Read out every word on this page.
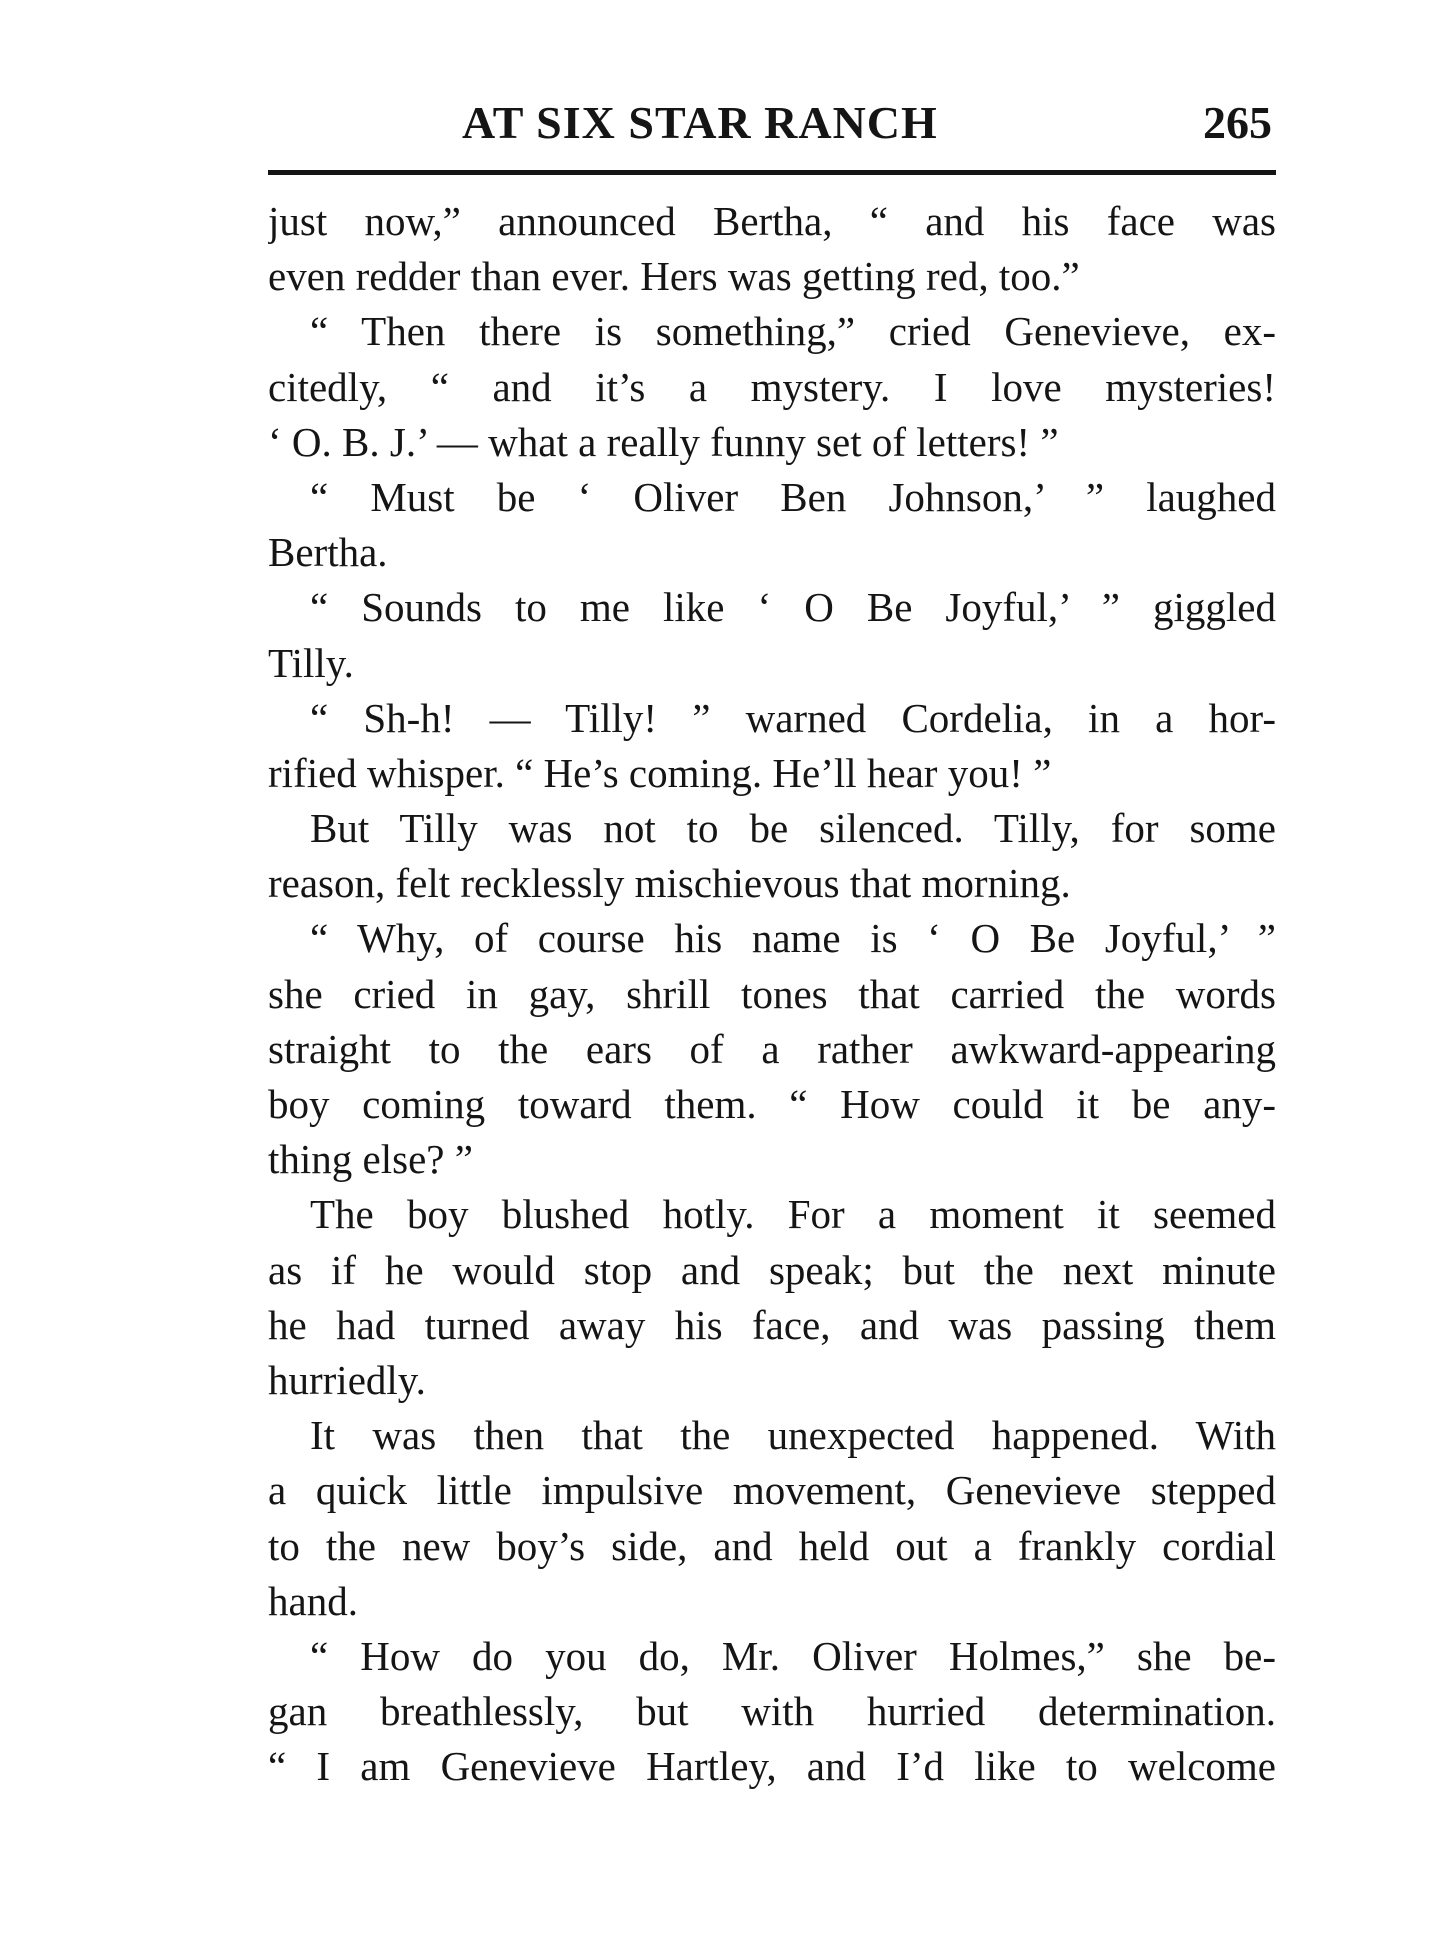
AT SIX STAR RANCH	265
just now,” announced Bertha, “ and his face was
even redder than ever. Hers was getting red, too.”
“ Then there is something,” cried Genevieve, ex-
citedly, “ and it’s a mystery. I love mysteries!
‘ O. B. J.’ — what a really funny set of letters! ”
“ Must be ‘ Oliver Ben Johnson,’ ” laughed
Bertha.
“ Sounds to me like ‘ O Be Joyful,’ ” giggled
Tilly.
“ Sh-h! — Tilly! ” warned Cordelia, in a hor-
rified whisper. “ He’s coming. He’ll hear you! ”
But Tilly was not to be silenced. Tilly, for some
reason, felt recklessly mischievous that morning.
“ Why, of course his name is ‘ O Be Joyful,’ ”
she cried in gay, shrill tones that carried the words
straight to the ears of a rather awkward-appearing
boy coming toward them. “ How could it be any-
thing else? ”
The boy blushed hotly. For a moment it seemed
as if he would stop and speak; but the next minute
he had turned away his face, and was passing them
hurriedly.
It was then that the unexpected happened. With
a quick little impulsive movement, Genevieve stepped
to the new boy’s side, and held out a frankly cordial
hand.
“ How do you do, Mr. Oliver Holmes,” she be-
gan breathlessly, but with hurried determination.
“ I am Genevieve Hartley, and I’d like to welcome
